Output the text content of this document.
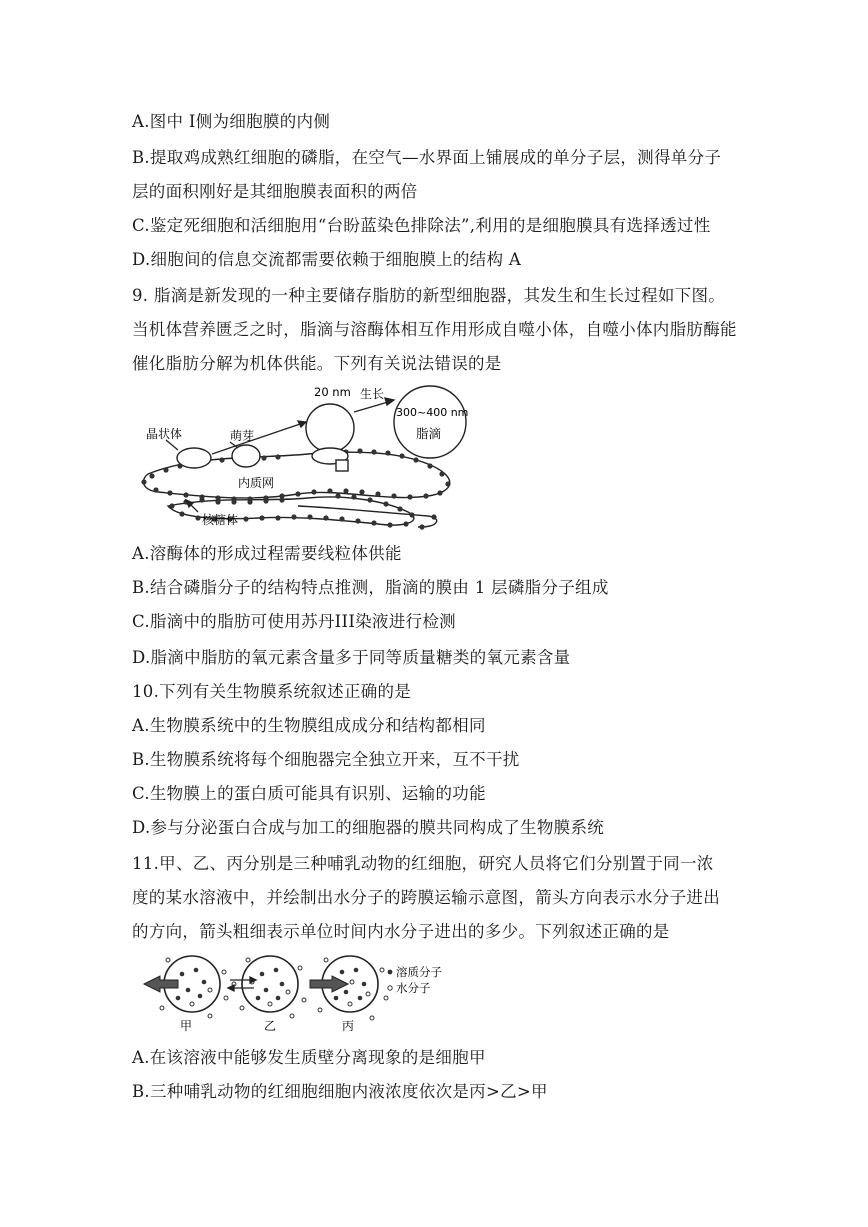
A.图中 Ⅰ侧为细胞膜的内侧
B.提取鸡成熟红细胞的磷脂，在空气—水界面上铺展成的单分子层，测得单分子
层的面积刚好是其细胞膜表面积的两倍
C.鉴定死细胞和活细胞用“台盼蓝染色排除法”,利用的是细胞膜具有选择透过性
D.细胞间的信息交流都需要依赖于细胞膜上的结构 A
9. 脂滴是新发现的一种主要储存脂肪的新型细胞器，其发生和生长过程如下图。
当机体营养匮乏之时，脂滴与溶酶体相互作用形成自噬小体，自噬小体内脂肪酶能
催化脂肪分解为机体供能。下列有关说法错误的是
晶状体	萌芽
内质网
核糖体
20 nm 生长
300~400 nm
脂滴
A.溶酶体的形成过程需要线粒体供能
B.结合磷脂分子的结构特点推测，脂滴的膜由 1 层磷脂分子组成
C.脂滴中的脂肪可使用苏丹III染液进行检测
D.脂滴中脂肪的氧元素含量多于同等质量糖类的氧元素含量
10.下列有关生物膜系统叙述正确的是
A.生物膜系统中的生物膜组成成分和结构都相同
B.生物膜系统将每个细胞器完全独立开来，互不干扰
C.生物膜上的蛋白质可能具有识别、运输的功能
D.参与分泌蛋白合成与加工的细胞器的膜共同构成了生物膜系统
11.甲、乙、丙分别是三种哺乳动物的红细胞，研究人员将它们分别置于同一浓
度的某水溶液中，并绘制出水分子的跨膜运输示意图，箭头方向表示水分子进出
的方向，箭头粗细表示单位时间内水分子进出的多少。下列叙述正确的是
溶质分子
水分子
甲	乙	丙
A.在该溶液中能够发生质壁分离现象的是细胞甲
B.三种哺乳动物的红细胞细胞内液浓度依次是丙>乙>甲
